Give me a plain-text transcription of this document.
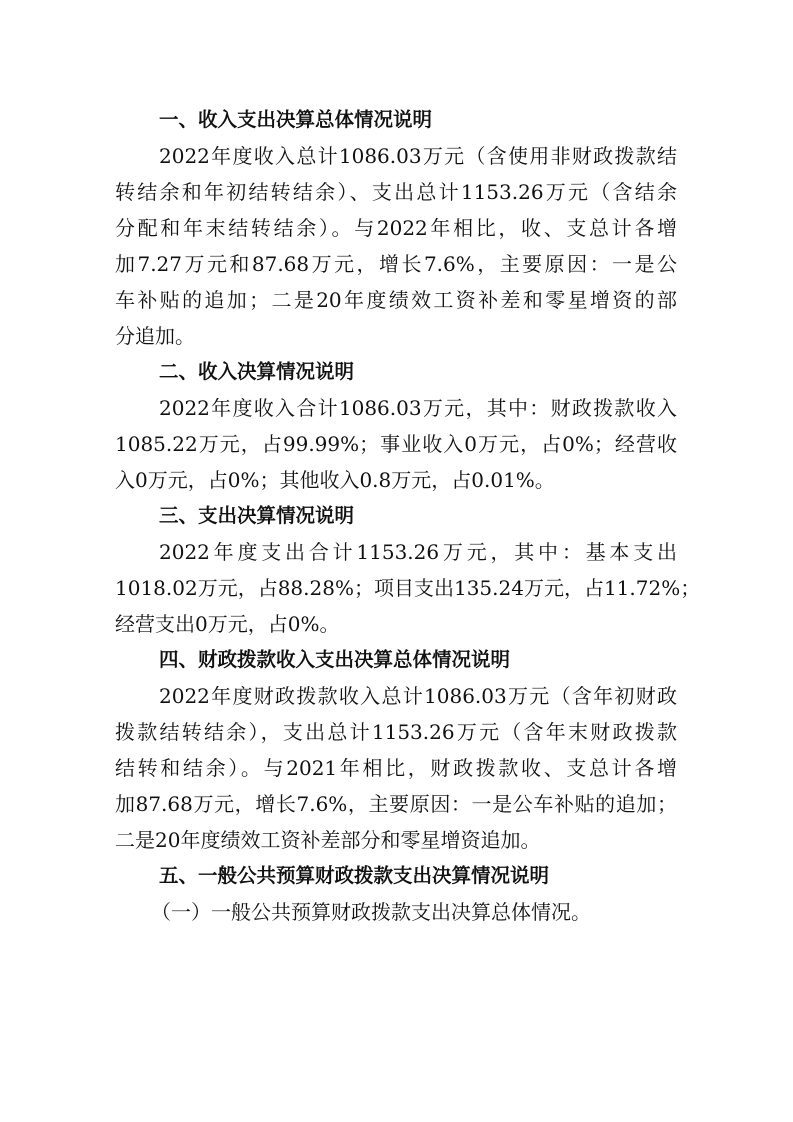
一、收入支出决算总体情况说明
2022年度收入总计1086.03万元（含使用非财政拨款结
转结余和年初结转结余）、支出总计1153.26万元（含结余
分配和年末结转结余）。与2022年相比，收、支总计各增
加7.27万元和87.68万元，增长7.6%，主要原因：一是公
车补贴的追加；二是20年度绩效工资补差和零星增资的部
分追加。
二、收入决算情况说明
2022年度收入合计1086.03万元，其中：财政拨款收入
1085.22万元，占99.99%；事业收入0万元，占0%；经营收
入0万元，占0%；其他收入0.8万元，占0.01%。
三、支出决算情况说明
2022年度支出合计1153.26万元，其中：基本支出
1018.02万元，占88.28%；项目支出135.24万元，占11.72%；
经营支出0万元，占0%。
四、财政拨款收入支出决算总体情况说明
2022年度财政拨款收入总计1086.03万元（含年初财政
拨款结转结余），支出总计1153.26万元（含年末财政拨款
结转和结余）。与2021年相比，财政拨款收、支总计各增
加87.68万元，增长7.6%，主要原因：一是公车补贴的追加；
二是20年度绩效工资补差部分和零星增资追加。
五、一般公共预算财政拨款支出决算情况说明
（一）一般公共预算财政拨款支出决算总体情况。
